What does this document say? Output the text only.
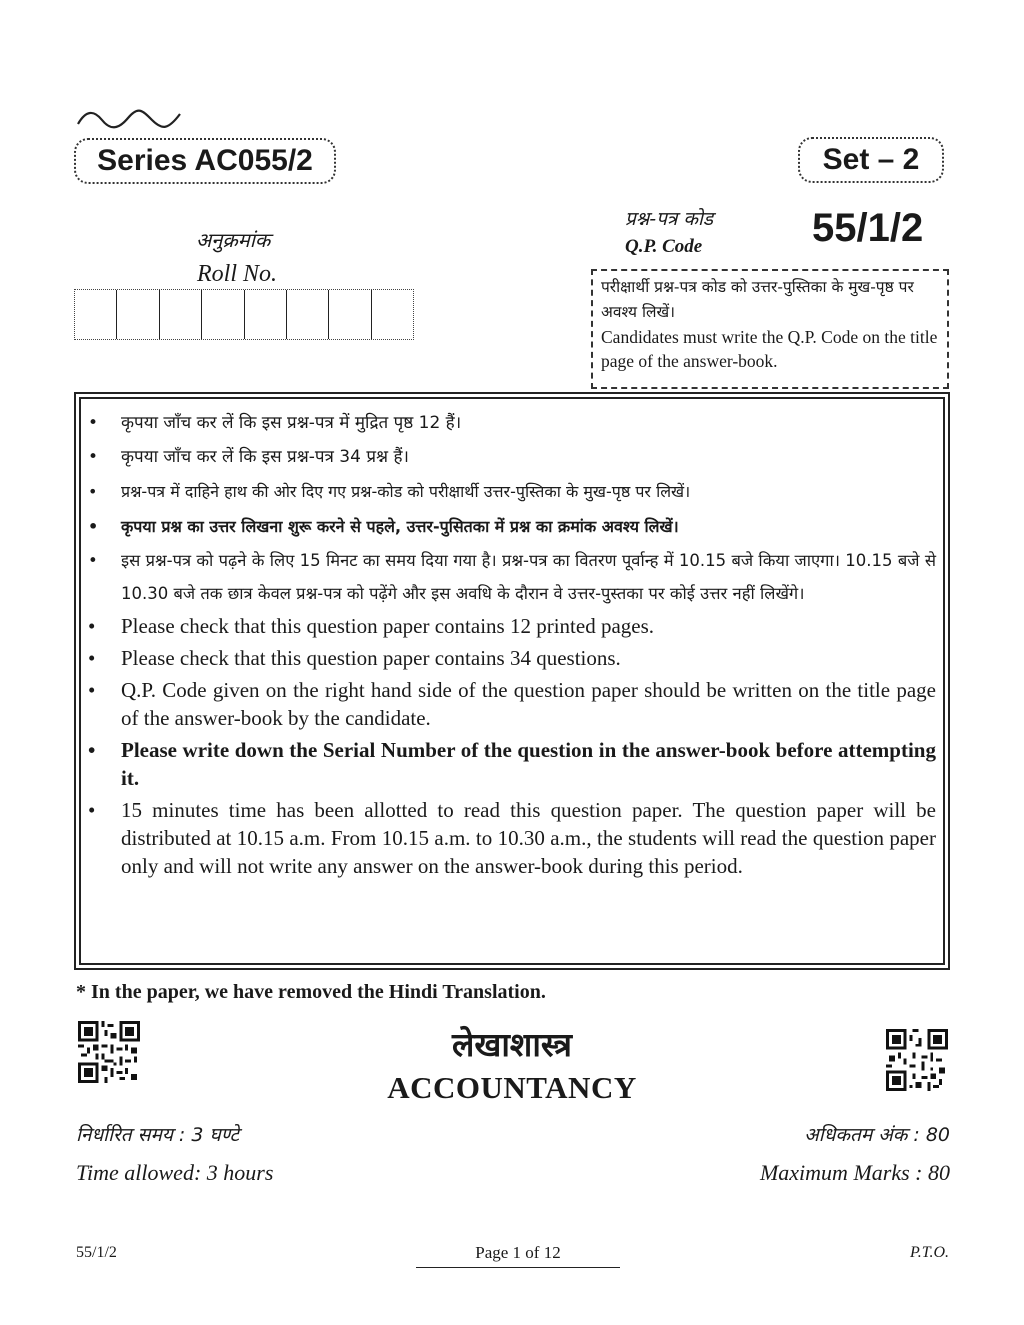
Series AC055/2	Set – 2
अनुक्रमांक
Roll No.
प्रश्न-पत्र कोड
Q.P. Code	55/1/2
परीक्षार्थी प्रश्न-पत्र कोड को उत्तर-पुस्तिका के मुख-पृष्ठ पर अवश्य लिखें।
Candidates must write the Q.P. Code on the title page of the answer-book.
• कृपया जाँच कर लें कि इस प्रश्न-पत्र में मुद्रित पृष्ठ 12 हैं।
• कृपया जाँच कर लें कि इस प्रश्न-पत्र 34 प्रश्न हैं।
• प्रश्न-पत्र में दाहिने हाथ की ओर दिए गए प्रश्न-कोड को परीक्षार्थी उत्तर-पुस्तिका के मुख-पृष्ठ पर लिखें।
• कृपया प्रश्न का उत्तर लिखना शुरू करने से पहले, उत्तर-पुसितका में प्रश्न का क्रमांक अवश्य लिखें।
• इस प्रश्न-पत्र को पढ़ने के लिए 15 मिनट का समय दिया गया है। प्रश्न-पत्र का वितरण पूर्वान्ह में 10.15 बजे किया जाएगा। 10.15 बजे से 10.30 बजे तक छात्र केवल प्रश्न-पत्र को पढ़ेंगे और इस अवधि के दौरान वे उत्तर-पुस्तका पर कोई उत्तर नहीं लिखेंगे।
• Please check that this question paper contains 12 printed pages.
• Please check that this question paper contains 34 questions.
• Q.P. Code given on the right hand side of the question paper should be written on the title page of the answer-book by the candidate.
• Please write down the Serial Number of the question in the answer-book before attempting it.
• 15 minutes time has been allotted to read this question paper. The question paper will be distributed at 10.15 a.m. From 10.15 a.m. to 10.30 a.m., the students will read the question paper only and will not write any answer on the answer-book during this period.
* In the paper, we have removed the Hindi Translation.
लेखाशास्त्र
ACCOUNTANCY
निर्धारित समय : 3 घण्टे
Time allowed: 3 hours
अधिकतम अंक : 80
Maximum Marks : 80
55/1/2	Page 1 of 12	P.T.O.
